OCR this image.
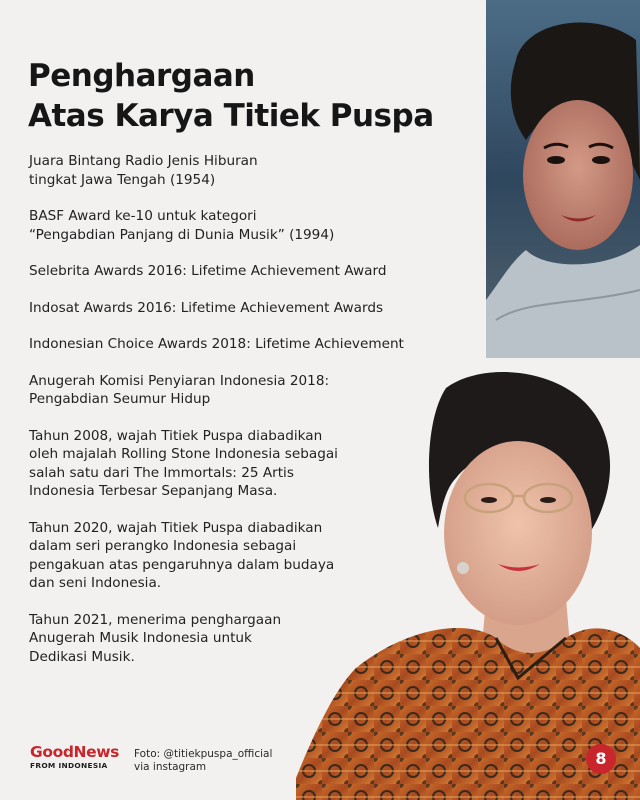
Penghargaan
Atas Karya Titiek Puspa
Juara Bintang Radio Jenis Hiburan
tingkat Jawa Tengah (1954)
BASF Award ke-10 untuk kategori
“Pengabdian Panjang di Dunia Musik” (1994)
Selebrita Awards 2016: Lifetime Achievement Award
Indosat Awards 2016: Lifetime Achievement Awards
Indonesian Choice Awards 2018: Lifetime Achievement
Anugerah Komisi Penyiaran Indonesia 2018:
Pengabdian Seumur Hidup
Tahun 2008, wajah Titiek Puspa diabadikan
oleh majalah Rolling Stone Indonesia sebagai
salah satu dari The Immortals: 25 Artis
Indonesia Terbesar Sepanjang Masa.
Tahun 2020, wajah Titiek Puspa diabadikan
dalam seri perangko Indonesia sebagai
pengakuan atas pengaruhnya dalam budaya
dan seni Indonesia.
Tahun 2021, menerima penghargaan
Anugerah Musik Indonesia untuk
Dedikasi Musik.
GoodNews
FROM INDONESIA
Foto: @titiekpuspa_official
via instagram	8
